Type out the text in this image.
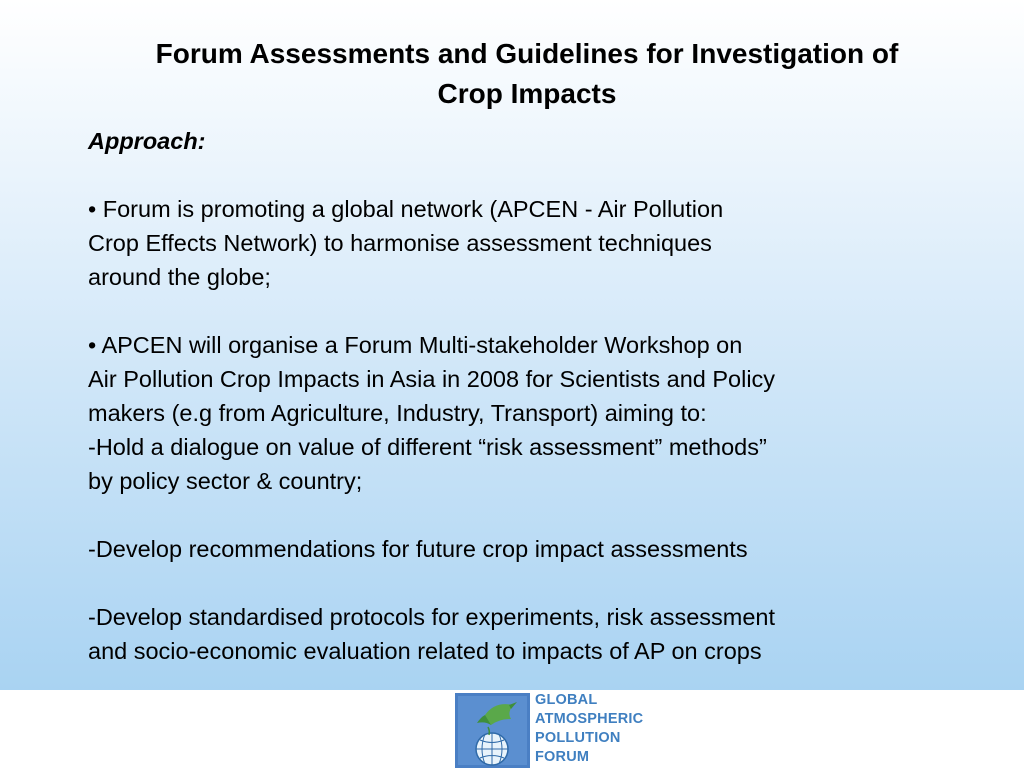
Forum Assessments and Guidelines for Investigation of
Crop Impacts

Approach:

• Forum is promoting a global network (APCEN - Air Pollution

Crop Effects Network) to harmonise assessment techniques

around the globe;

• APCEN will organise a Forum Multi-stakeholder Workshop on

Air Pollution Crop Impacts in Asia in 2008 for Scientists and Policy

makers (e.g from Agriculture, Industry, Transport) aiming to:

-Hold a dialogue on value of different “risk assessment” methods”

by policy sector & country;

-Develop recommendations for future crop impact assessments

-Develop standardised protocols for experiments, risk assessment

and socio-economic evaluation related to impacts of AP on crops

GLOBAL
ATMOSPHERIC
POLLUTION
FORUM
